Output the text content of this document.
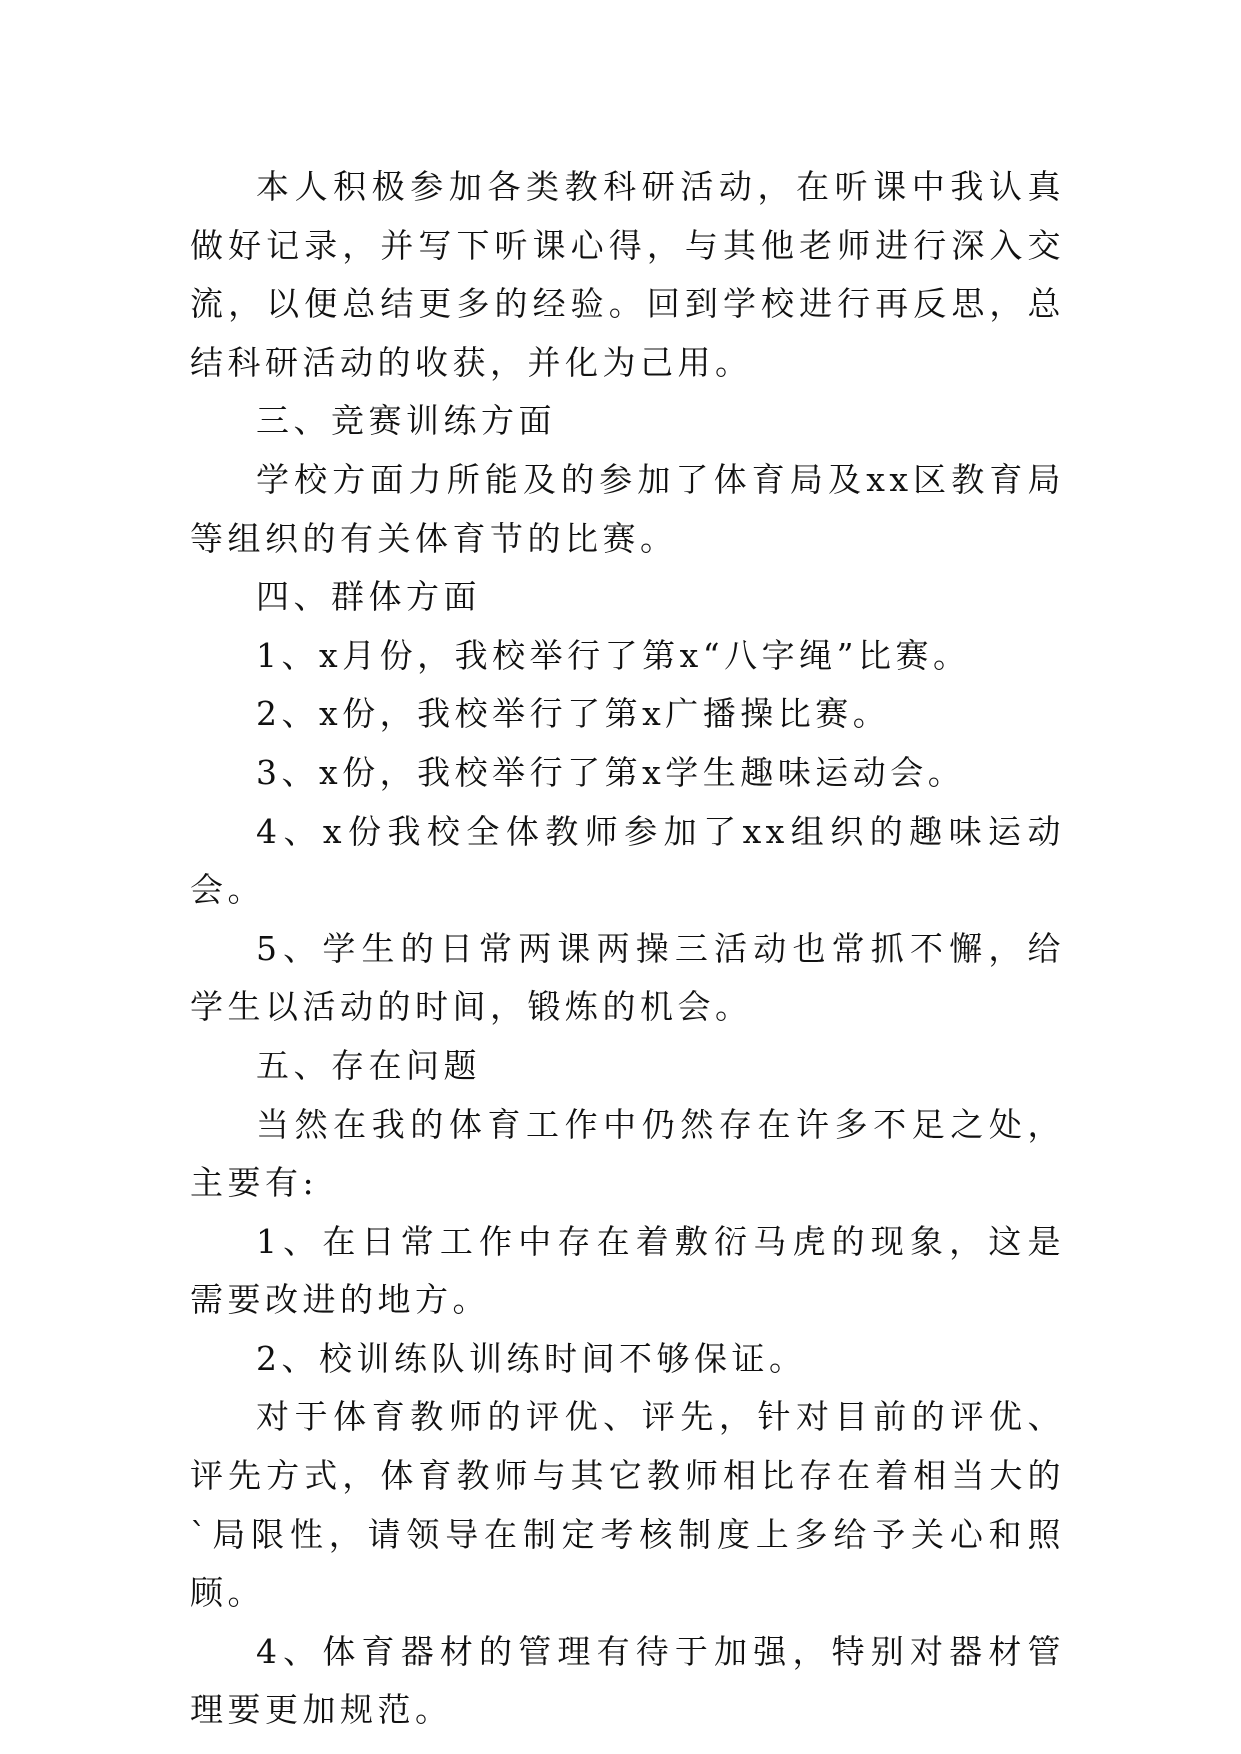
本人积极参加各类教科研活动，在听课中我认真做好记录，并写下听课心得，与其他老师进行深入交流，以便总结更多的经验。回到学校进行再反思，总结科研活动的收获，并化为己用。

三、竞赛训练方面

学校方面力所能及的参加了体育局及xx区教育局等组织的有关体育节的比赛。

四、群体方面

1、x月份，我校举行了第x“八字绳”比赛。

2、x份，我校举行了第x广播操比赛。

3、x份，我校举行了第x学生趣味运动会。

4、x份我校全体教师参加了xx组织的趣味运动会。

5、学生的日常两课两操三活动也常抓不懈，给学生以活动的时间，锻炼的机会。

五、存在问题

当然在我的体育工作中仍然存在许多不足之处，主要有:

1、在日常工作中存在着敷衍马虎的现象，这是需要改进的地方。

2、校训练队训练时间不够保证。

对于体育教师的评优、评先，针对目前的评优、评先方式，体育教师与其它教师相比存在着相当大的`局限性，请领导在制定考核制度上多给予关心和照顾。

4、体育器材的管理有待于加强，特别对器材管理要更加规范。
